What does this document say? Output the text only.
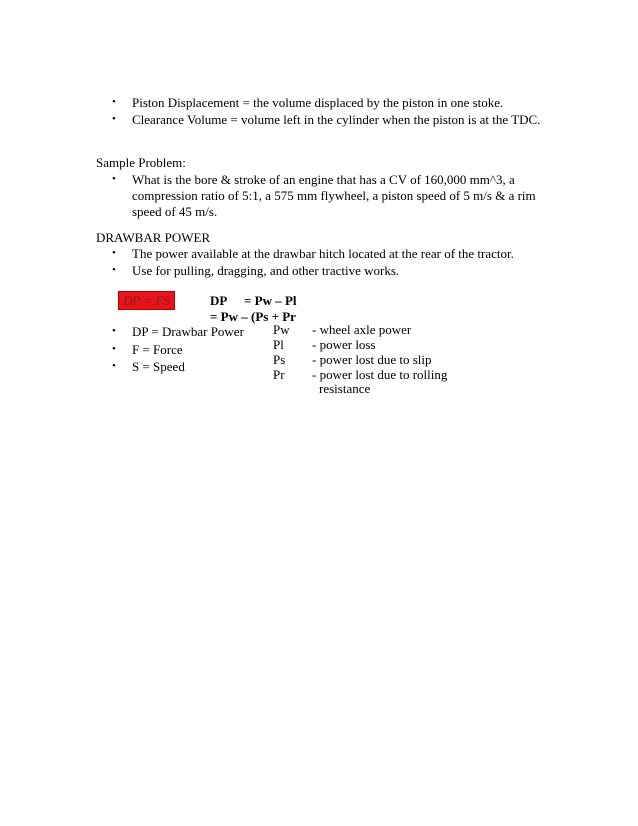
• Piston Displacement = the volume displaced by the piston in one stoke.
• Clearance Volume = volume left in the cylinder when the piston is at the TDC.
Sample Problem:
• What is the bore & stroke of an engine that has a CV of 160,000 mm^3, a
compression ratio of 5:1, a 575 mm flywheel, a piston speed of 5 m/s & a rim
speed of 45 m/s.
DRAWBAR POWER
• The power available at the drawbar hitch located at the rear of the tractor.
• Use for pulling, dragging, and other tractive works.
DP = FS	DP = Pw – Pl
= Pw – (Ps + Pr
• DP = Drawbar Power
• F = Force
• S = Speed
Pw
Pl
Ps
Pr
- wheel axle power
- power loss
- power lost due to slip
- power lost due to rolling
resistance
